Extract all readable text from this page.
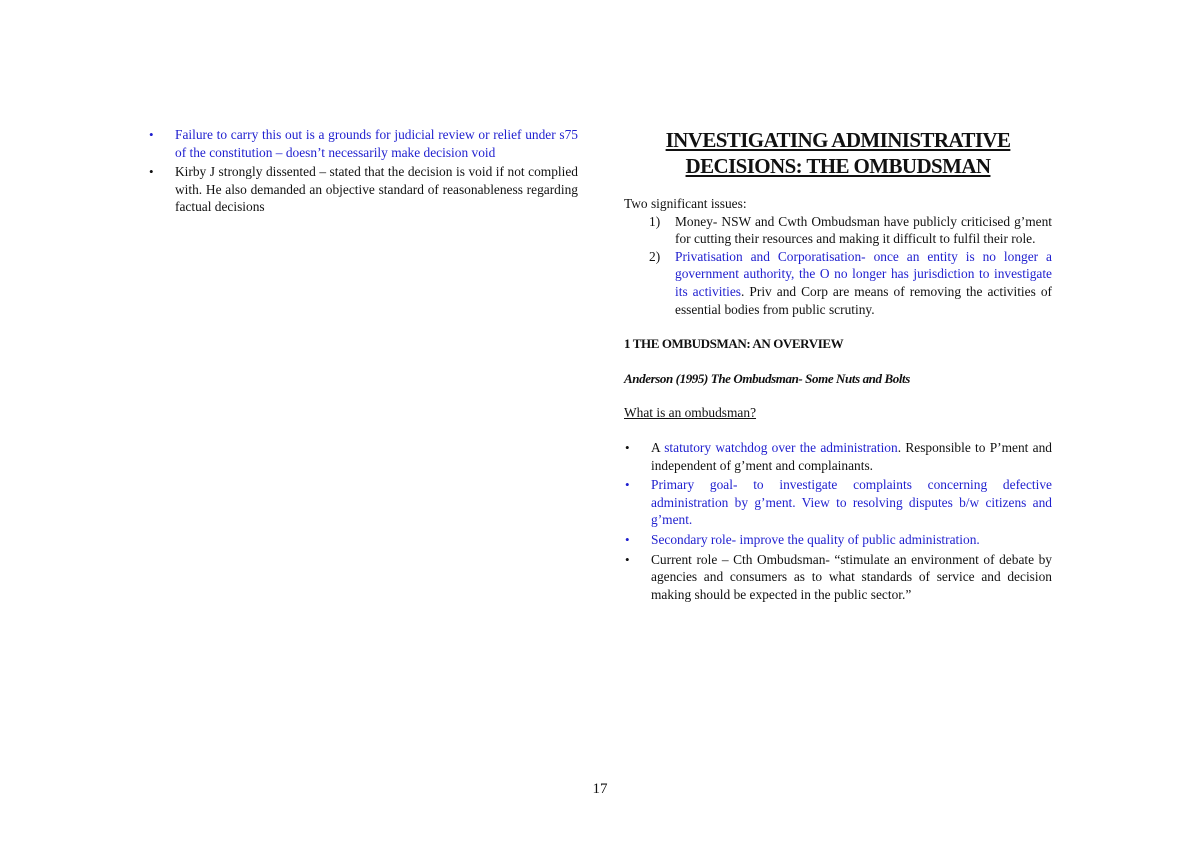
• Failure to carry this out is a grounds for judicial review or relief under s75 of the constitution – doesn’t necessarily make decision void
• Kirby J strongly dissented – stated that the decision is void if not complied with. He also demanded an objective standard of reasonableness regarding factual decisions
INVESTIGATING ADMINISTRATIVE
DECISIONS: THE OMBUDSMAN
Two significant issues:
1) Money- NSW and Cwth Ombudsman have publicly criticised g’ment for cutting their resources and making it difficult to fulfil their role.
2) Privatisation and Corporatisation- once an entity is no longer a government authority, the O no longer has jurisdiction to investigate its activities. Priv and Corp are means of removing the activities of essential bodies from public scrutiny.
1 THE OMBUDSMAN: AN OVERVIEW
Anderson (1995) The Ombudsman- Some Nuts and Bolts
What is an ombudsman?
• A statutory watchdog over the administration. Responsible to P’ment and independent of g’ment and complainants.
• Primary goal- to investigate complaints concerning defective administration by g’ment. View to resolving disputes b/w citizens and g’ment.
• Secondary role- improve the quality of public administration.
• Current role – Cth Ombudsman- “stimulate an environment of debate by agencies and consumers as to what standards of service and decision making should be expected in the public sector.”
17
